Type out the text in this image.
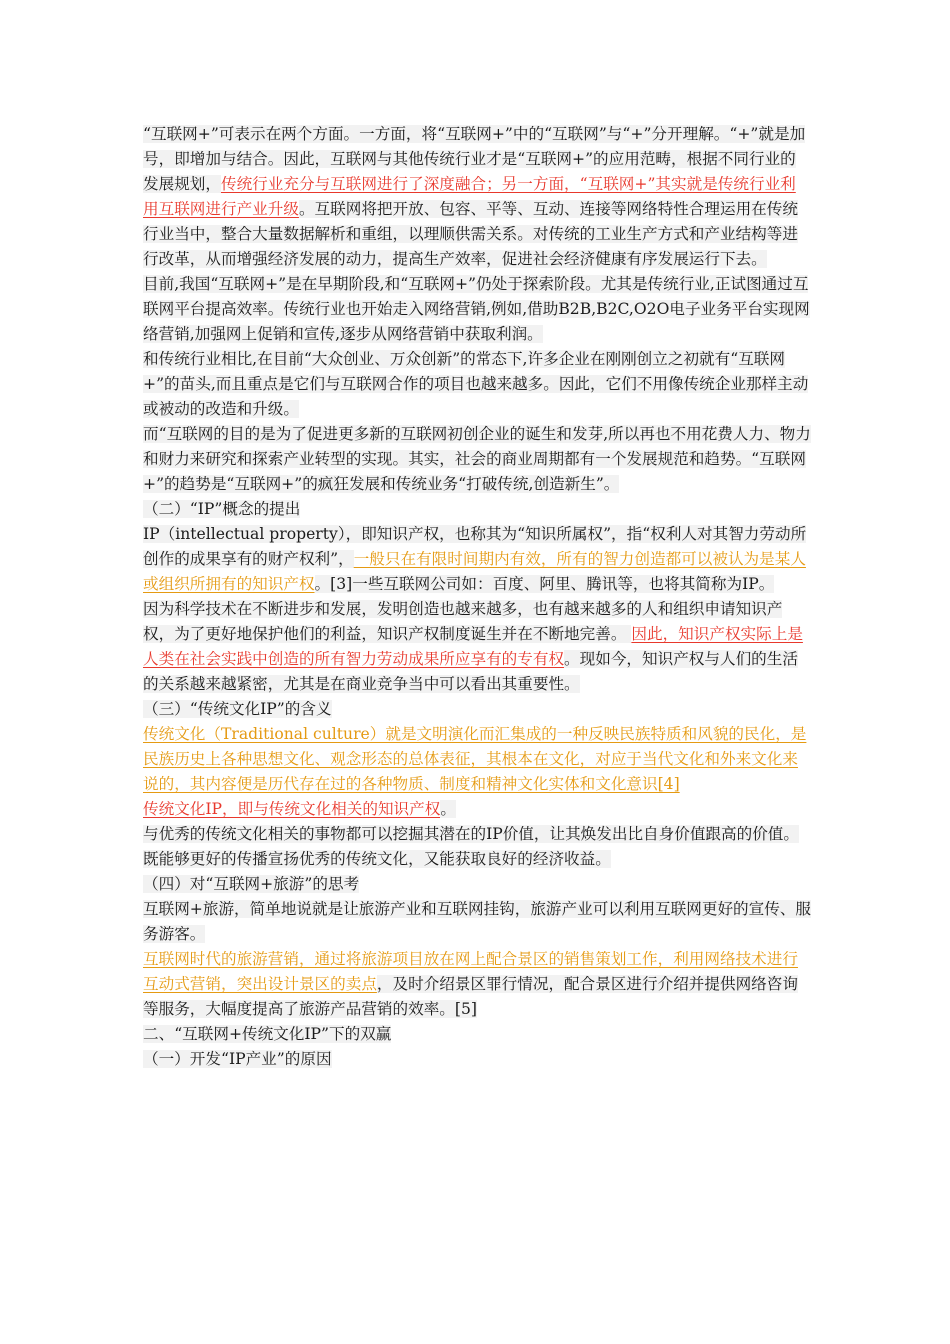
“互联网+”可表示在两个方面。一方面，将“互联网+”中的“互联网”与“+”分开理解。“+”就是加号，即增加与结合。因此，互联网与其他传统行业才是“互联网+”的应用范畴，根据不同行业的发展规划，传统行业充分与互联网进行了深度融合；另一方面，“互联网+”其实就是传统行业利用互联网进行产业升级。互联网将把开放、包容、平等、互动、连接等网络特性合理运用在传统行业当中，整合大量数据解析和重组，以理顺供需关系。对传统的工业生产方式和产业结构等进行改革，从而增强经济发展的动力，提高生产效率，促进社会经济健康有序发展运行下去。

目前,我国“互联网+”是在早期阶段,和“互联网+”仍处于探索阶段。尤其是传统行业,正试图通过互联网平台提高效率。传统行业也开始走入网络营销,例如,借助B2B,B2C,O2O电子业务平台实现网络营销,加强网上促销和宣传,逐步从网络营销中获取利润。

和传统行业相比,在目前“大众创业、万众创新”的常态下,许多企业在刚刚创立之初就有“互联网+”的苗头,而且重点是它们与互联网合作的项目也越来越多。因此，它们不用像传统企业那样主动或被动的改造和升级。

而“互联网的目的是为了促进更多新的互联网初创企业的诞生和发芽,所以再也不用花费人力、物力和财力来研究和探索产业转型的实现。其实，社会的商业周期都有一个发展规范和趋势。“互联网+”的趋势是“互联网+”的疯狂发展和传统业务“打破传统,创造新生”。

（二）“IP”概念的提出

IP（intellectual property），即知识产权，也称其为“知识所属权”，指“权利人对其智力劳动所创作的成果享有的财产权利”，一般只在有限时间期内有效，所有的智力创造都可以被认为是某人或组织所拥有的知识产权。[3]一些互联网公司如：百度、阿里、腾讯等，也将其简称为IP。

因为科学技术在不断进步和发展，发明创造也越来越多，也有越来越多的人和组织申请知识产权，为了更好地保护他们的利益，知识产权制度诞生并在不断地完善。 因此，知识产权实际上是人类在社会实践中创造的所有智力劳动成果所应享有的专有权。现如今，知识产权与人们的生活的关系越来越紧密，尤其是在商业竞争当中可以看出其重要性。

（三）“传统文化IP”的含义

传统文化（Traditional culture）就是文明演化而汇集成的一种反映民族特质和风貌的民化，是民族历史上各种思想文化、观念形态的总体表征，其根本在文化，对应于当代文化和外来文化来说的，其内容便是历代存在过的各种物质、制度和精神文化实体和文化意识[4]

传统文化IP，即与传统文化相关的知识产权。

与优秀的传统文化相关的事物都可以挖掘其潜在的IP价值，让其焕发出比自身价值跟高的价值。既能够更好的传播宣扬优秀的传统文化，又能获取良好的经济收益。

（四）对“互联网+旅游”的思考

互联网+旅游，简单地说就是让旅游产业和互联网挂钩，旅游产业可以利用互联网更好的宣传、服务游客。

互联网时代的旅游营销，通过将旅游项目放在网上配合景区的销售策划工作，利用网络技术进行互动式营销，突出设计景区的卖点，及时介绍景区罪行情况，配合景区进行介绍并提供网络咨询等服务，大幅度提高了旅游产品营销的效率。[5]

二、“互联网+传统文化IP”下的双赢

（一）开发“IP产业”的原因
